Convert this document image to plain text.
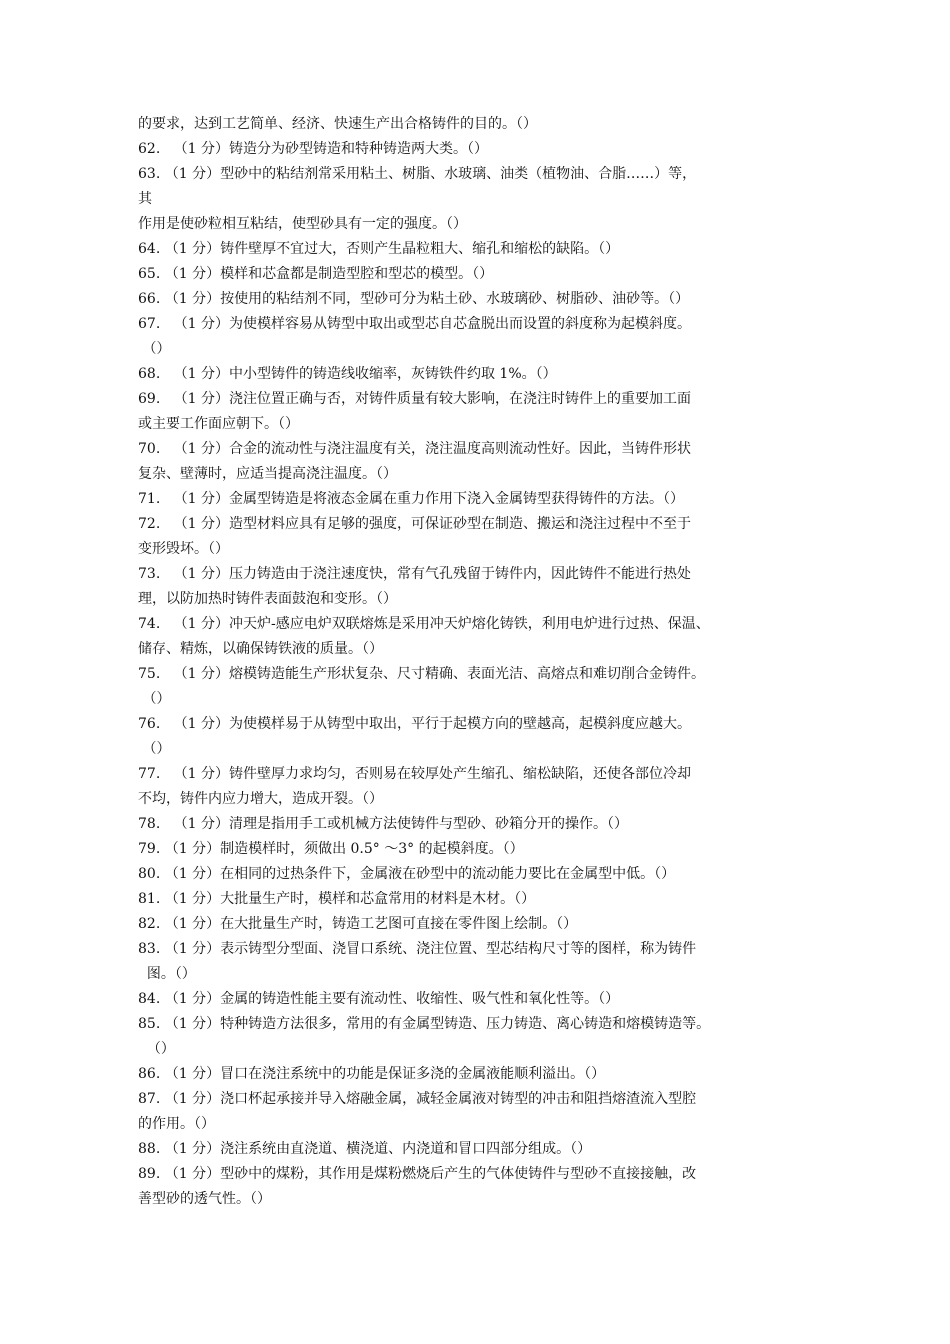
的要求，达到工艺简单、经济、快速生产出合格铸件的目的。（）
62.   （1 分）铸造分为砂型铸造和特种铸造两大类。（）
63. （1 分）型砂中的粘结剂常采用粘土、树脂、水玻璃、油类（植物油、合脂……）等，
其
作用是使砂粒相互粘结，使型砂具有一定的强度。（）
64. （1 分）铸件壁厚不宜过大，否则产生晶粒粗大、缩孔和缩松的缺陷。（）
65. （1 分）模样和芯盒都是制造型腔和型芯的模型。（）
66. （1 分）按使用的粘结剂不同，型砂可分为粘土砂、水玻璃砂、树脂砂、油砂等。（）
67.   （1 分）为使模样容易从铸型中取出或型芯自芯盒脱出而设置的斜度称为起模斜度。
（）
68.   （1 分）中小型铸件的铸造线收缩率，灰铸铁件约取 1%。（）
69.   （1 分）浇注位置正确与否，对铸件质量有较大影响，在浇注时铸件上的重要加工面
或主要工作面应朝下。（）
70.   （1 分）合金的流动性与浇注温度有关，浇注温度高则流动性好。因此，当铸件形状
复杂、壁薄时，应适当提高浇注温度。（）
71.   （1 分）金属型铸造是将液态金属在重力作用下浇入金属铸型获得铸件的方法。（）
72.   （1 分）造型材料应具有足够的强度，可保证砂型在制造、搬运和浇注过程中不至于
变形毁坏。（）
73.   （1 分）压力铸造由于浇注速度快，常有气孔残留于铸件内，因此铸件不能进行热处
理，以防加热时铸件表面鼓泡和变形。（）
74.   （1 分）冲天炉-感应电炉双联熔炼是采用冲天炉熔化铸铁，利用电炉进行过热、保温、
储存、精炼，以确保铸铁液的质量。（）
75.   （1 分）熔模铸造能生产形状复杂、尺寸精确、表面光洁、高熔点和难切削合金铸件。
（）
76.   （1 分）为使模样易于从铸型中取出，平行于起模方向的壁越高，起模斜度应越大。
（）
77.   （1 分）铸件壁厚力求均匀，否则易在较厚处产生缩孔、缩松缺陷，还使各部位冷却
不均，铸件内应力增大，造成开裂。（）
78.   （1 分）清理是指用手工或机械方法使铸件与型砂、砂箱分开的操作。（）
79. （1 分）制造模样时，须做出 0.5° ～3° 的起模斜度。（）
80. （1 分）在相同的过热条件下，金属液在砂型中的流动能力要比在金属型中低。（）
81. （1 分）大批量生产时，模样和芯盒常用的材料是木材。（）
82. （1 分）在大批量生产时，铸造工艺图可直接在零件图上绘制。（）
83. （1 分）表示铸型分型面、浇冒口系统、浇注位置、型芯结构尺寸等的图样，称为铸件
图。（）
84. （1 分）金属的铸造性能主要有流动性、收缩性、吸气性和氧化性等。（）
85. （1 分）特种铸造方法很多，常用的有金属型铸造、压力铸造、离心铸造和熔模铸造等。
（）
86. （1 分）冒口在浇注系统中的功能是保证多浇的金属液能顺利溢出。（）
87. （1 分）浇口杯起承接并导入熔融金属，减轻金属液对铸型的冲击和阻挡熔渣流入型腔
的作用。（）
88. （1 分）浇注系统由直浇道、横浇道、内浇道和冒口四部分组成。（）
89. （1 分）型砂中的煤粉，其作用是煤粉燃烧后产生的气体使铸件与型砂不直接接触，改
善型砂的透气性。（）
